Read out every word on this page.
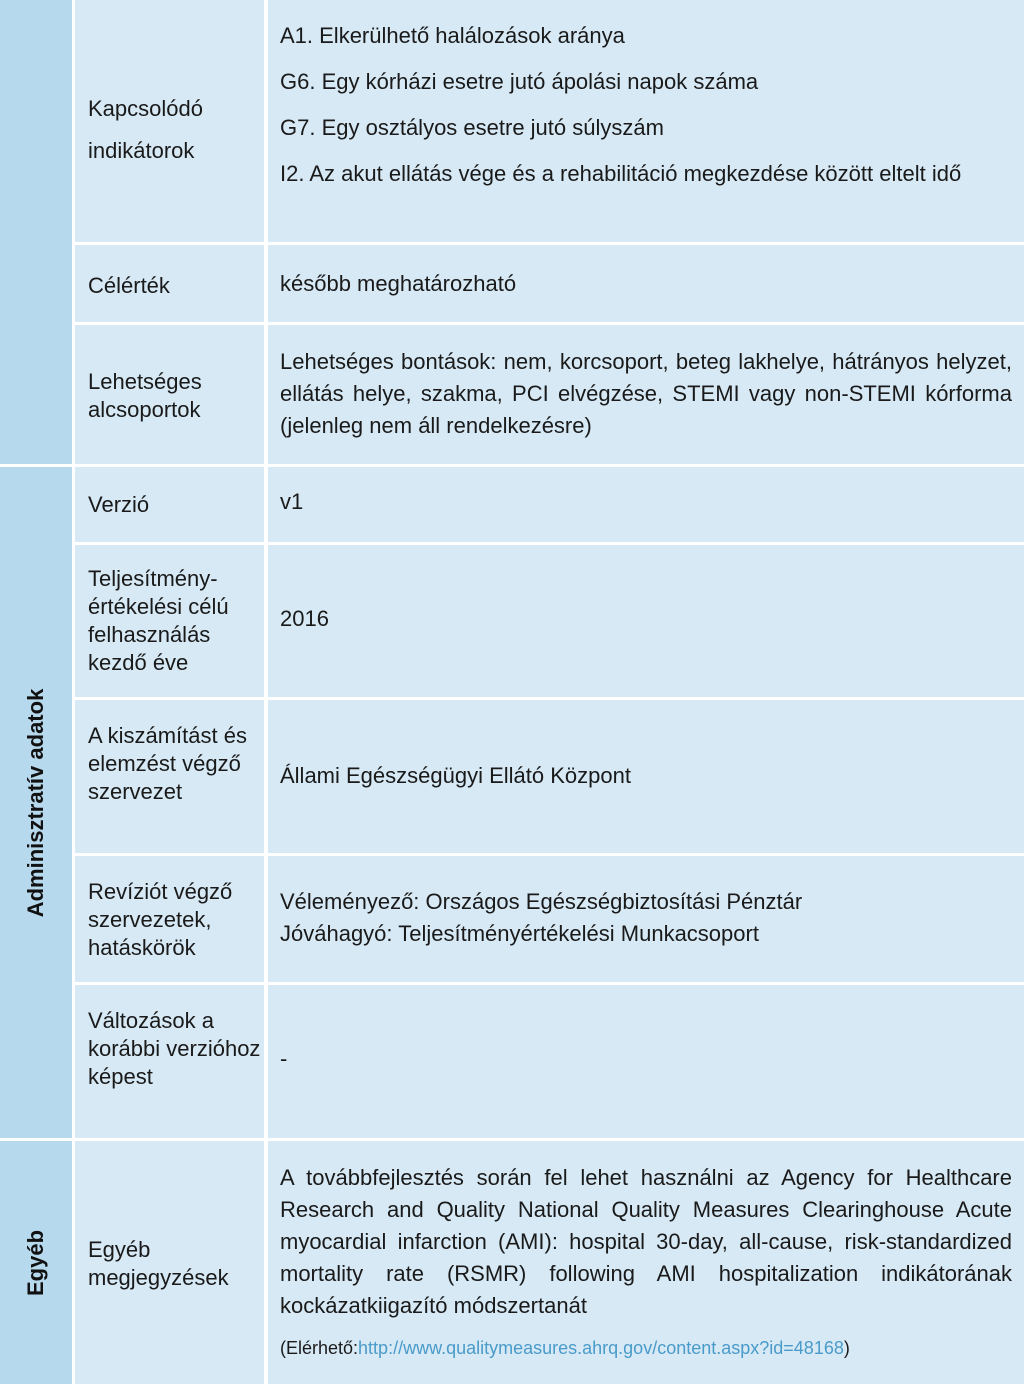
Adminisztratív adatok
Egyéb
Kapcsolódó indikátorok

A1. Elkerülhető halálozások aránya

G6. Egy kórházi esetre jutó ápolási napok száma

G7. Egy osztályos esetre jutó súlyszám

I2. Az akut ellátás vége és a rehabilitáció megkezdése között eltelt idő

Célérték	később meghatározható
Lehetséges alcsoportok
Lehetséges bontások: nem, korcsoport, beteg lakhelye, hátrányos helyzet, ellátás helye, szakma, PCI elvégzése, STEMI vagy non-STEMI kórforma (jelenleg nem áll rendelkezésre)
Verzió	v1
Teljesítmény-értékelési célú felhasználás kezdő éve
2016
A kiszámítást és elemzést végző szervezet
Állami Egészségügyi Ellátó Központ
Revíziót végző szervezetek, hatáskörök
Véleményező: Országos Egészségbiztosítási Pénztár
Jóváhagyó: Teljesítményértékelési Munkacsoport
Változások a korábbi verzióhoz képest
-
Egyéb megjegyzések
A továbbfejlesztés során fel lehet használni az Agency for Healthcare Research and Quality National Quality Measures Clearinghouse Acute myocardial infarction (AMI): hospital 30-day, all-cause, risk-standardized mortality rate (RSMR) following AMI hospitalization indikátorának kockázatkiigazító módszertanát
(Elérhető:http://www.qualitymeasures.ahrq.gov/content.aspx?id=48168)
